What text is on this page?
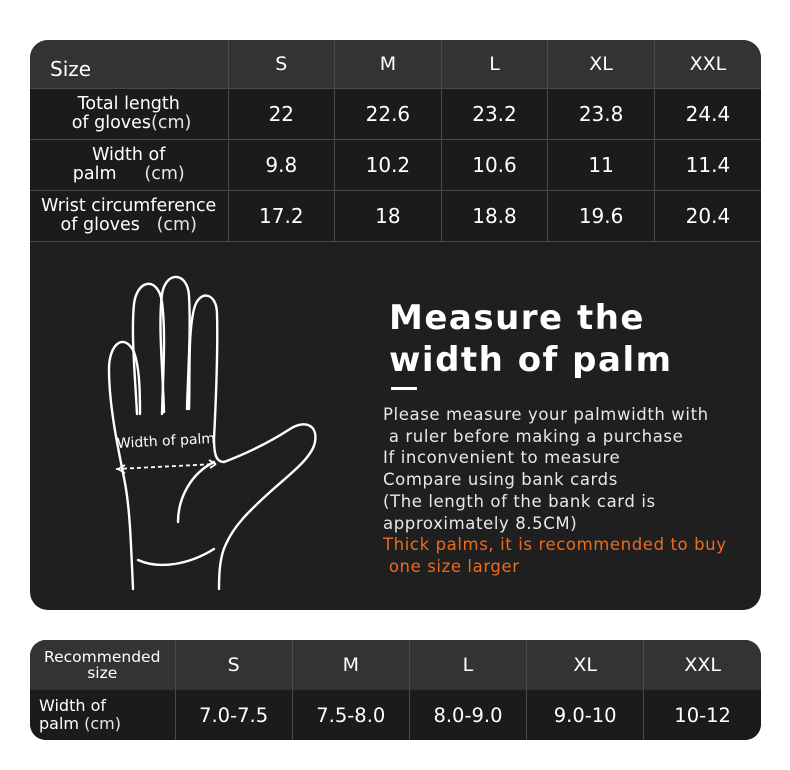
Size	S	M	L	XL	XXL
Total length
of gloves(cm)	22	22.6	23.2	23.8	24.4
Width of
palm (cm)	9.8	10.2	10.6	11	11.4
Wrist circumference
of gloves (cm)	17.2	18	18.8	19.6	20.4
Width of palm
Measure the
width of palm
Please measure your palmwidth with
a ruler before making a purchase
If inconvenient to measure
Compare using bank cards
(The length of the bank card is
approximately 8.5CM)
Thick palms, it is recommended to buy
one size larger
Recommended
size	S	M	L	XL	XXL
Width of
palm (cm)	7.0-7.5	7.5-8.0	8.0-9.0	9.0-10	10-12
